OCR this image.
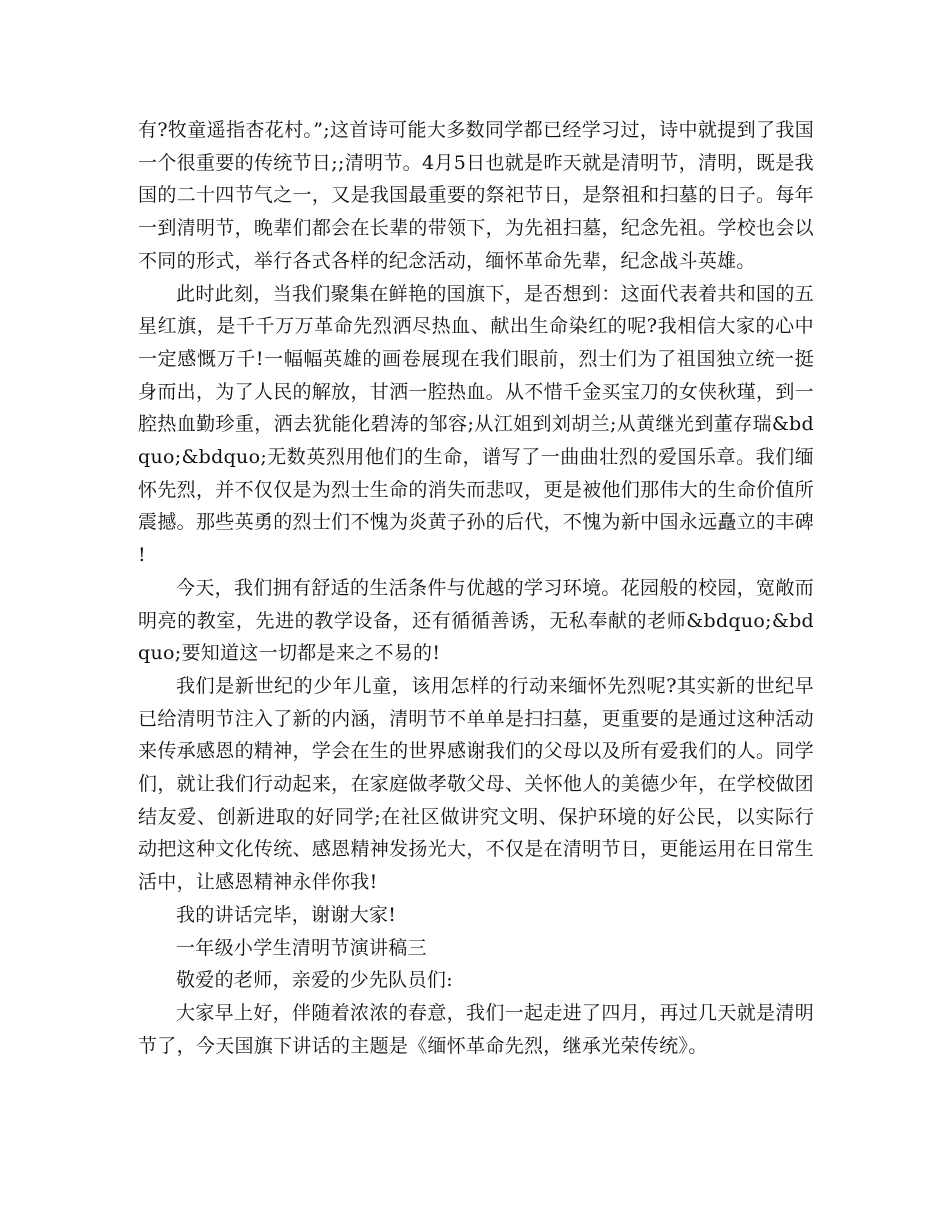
有?牧童遥指杏花村。”;这首诗可能大多数同学都已经学习过，诗中就提到了我国一个很重要的传统节日;;清明节。4月5日也就是昨天就是清明节，清明，既是我国的二十四节气之一，又是我国最重要的祭祀节日，是祭祖和扫墓的日子。每年一到清明节，晚辈们都会在长辈的带领下，为先祖扫墓，纪念先祖。学校也会以不同的形式，举行各式各样的纪念活动，缅怀革命先辈，纪念战斗英雄。

此时此刻，当我们聚集在鲜艳的国旗下，是否想到：这面代表着共和国的五星红旗，是千千万万革命先烈洒尽热血、献出生命染红的呢?我相信大家的心中一定感慨万千!一幅幅英雄的画卷展现在我们眼前，烈士们为了祖国独立统一挺身而出，为了人民的解放，甘洒一腔热血。从不惜千金买宝刀的女侠秋瑾，到一腔热血勤珍重，洒去犹能化碧涛的邹容;从江姐到刘胡兰;从黄继光到董存瑞&bdquo;&bdquo;无数英烈用他们的生命，谱写了一曲曲壮烈的爱国乐章。我们缅怀先烈，并不仅仅是为烈士生命的消失而悲叹，更是被他们那伟大的生命价值所震撼。那些英勇的烈士们不愧为炎黄子孙的后代，不愧为新中国永远矗立的丰碑!

今天，我们拥有舒适的生活条件与优越的学习环境。花园般的校园，宽敞而明亮的教室，先进的教学设备，还有循循善诱，无私奉献的老师&bdquo;&bdquo;要知道这一切都是来之不易的!

我们是新世纪的少年儿童，该用怎样的行动来缅怀先烈呢?其实新的世纪早已给清明节注入了新的内涵，清明节不单单是扫扫墓，更重要的是通过这种活动来传承感恩的精神，学会在生的世界感谢我们的父母以及所有爱我们的人。同学们，就让我们行动起来，在家庭做孝敬父母、关怀他人的美德少年，在学校做团结友爱、创新进取的好同学;在社区做讲究文明、保护环境的好公民，以实际行动把这种文化传统、感恩精神发扬光大，不仅是在清明节日，更能运用在日常生活中，让感恩精神永伴你我!

我的讲话完毕，谢谢大家!

一年级小学生清明节演讲稿三

敬爱的老师，亲爱的少先队员们:

大家早上好，伴随着浓浓的春意，我们一起走进了四月，再过几天就是清明节了，今天国旗下讲话的主题是《缅怀革命先烈，继承光荣传统》。
